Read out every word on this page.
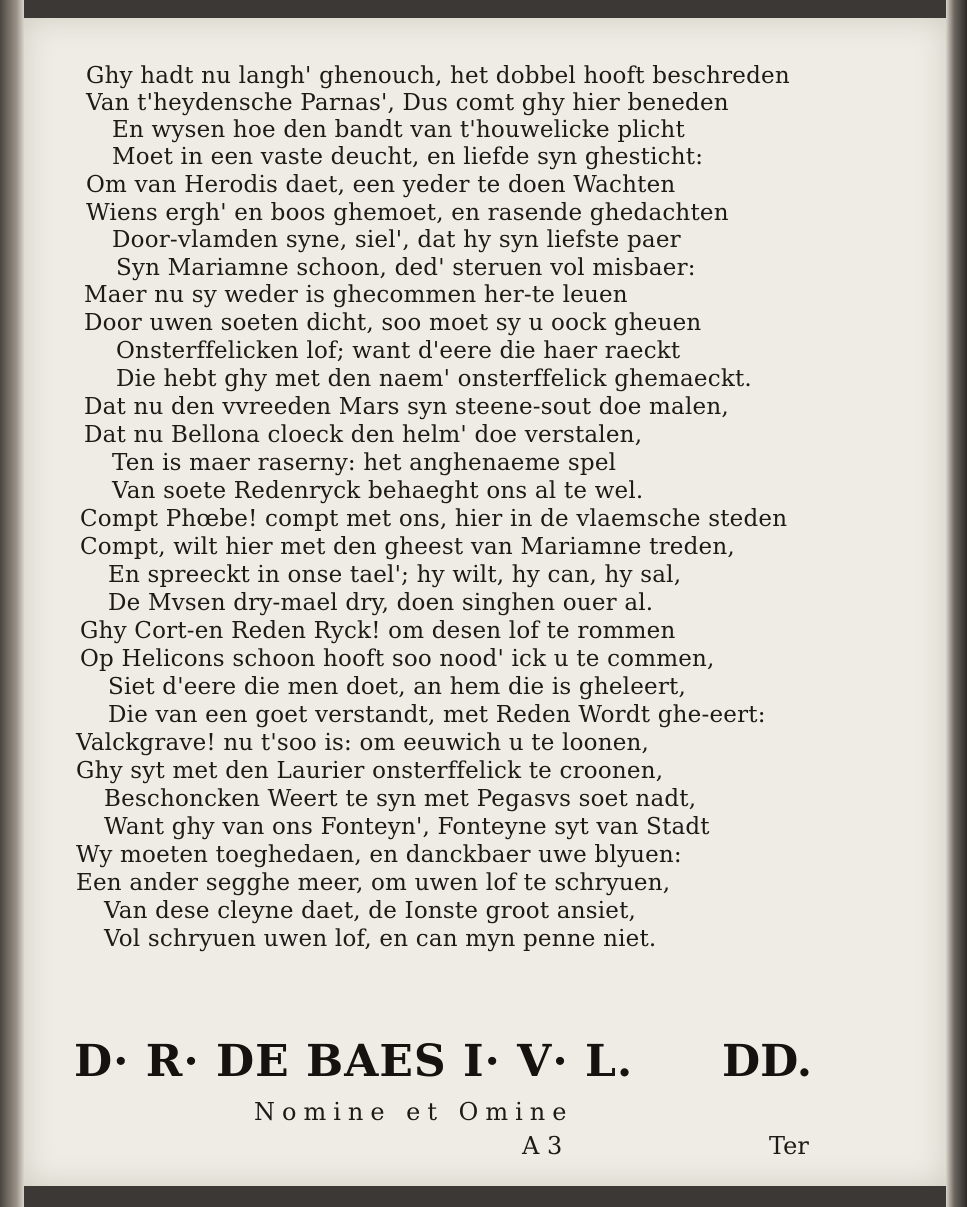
Ghy hadt nu langh' ghenouch, het dobbel hooft beschreden
Van t'heydensche Parnas', Dus comt ghy hier beneden
En wysen hoe den bandt van t'houwelicke plicht
Moet in een vaste deucht, en liefde syn ghesticht:
Om van Herodis daet, een yeder te doen Wachten
Wiens ergh' en boos ghemoet, en rasende ghedachten
Door-vlamden syne, siel', dat hy syn liefste paer
Syn Mariamne schoon, ded' steruen vol misbaer:
Maer nu sy weder is ghecommen her-te leuen
Door uwen soeten dicht, soo moet sy u oock gheuen
Onsterffelicken lof; want d'eere die haer raeckt
Die hebt ghy met den naem' onsterffelick ghemaeckt.
Dat nu den vvreeden Mars syn steene-sout doe malen,
Dat nu Bellona cloeck den helm' doe verstalen,
Ten is maer raserny: het anghenaeme spel
Van soete Redenryck behaeght ons al te wel.
Compt Phœbe! compt met ons, hier in de vlaemsche steden
Compt, wilt hier met den gheest van Mariamne treden,
En spreeckt in onse tael'; hy wilt, hy can, hy sal,
De Mvsen dry-mael dry, doen singhen ouer al.
Ghy Cort-en Reden Ryck! om desen lof te rommen
Op Helicons schoon hooft soo nood' ick u te commen,
Siet d'eere die men doet, an hem die is gheleert,
Die van een goet verstandt, met Reden Wordt ghe-eert:
Valckgrave! nu t'soo is: om eeuwich u te loonen,
Ghy syt met den Laurier onsterffelick te croonen,
Beschoncken Weert te syn met Pegasvs soet nadt,
Want ghy van ons Fonteyn', Fonteyne syt van Stadt
Wy moeten toeghedaen, en danckbaer uwe blyuen:
Een ander segghe meer, om uwen lof te schryuen,
Van dese cleyne daet, de Ionste groot ansiet,
Vol schryuen uwen lof, en can myn penne niet.
D· R· DE BAES I· V· L. DD.
Nomine et Omine
A 3	Ter
